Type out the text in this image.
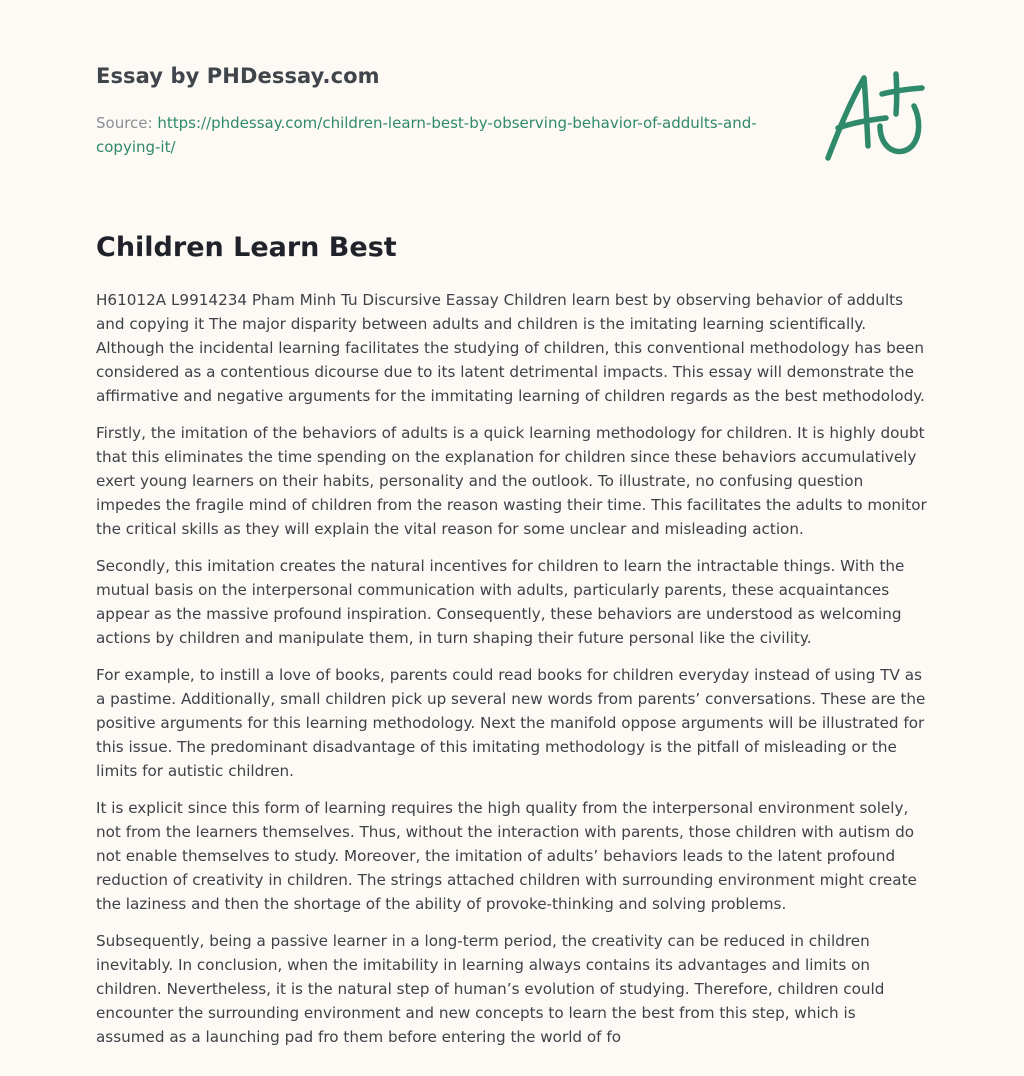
Essay by PHDessay.com
Source: https://phdessay.com/children-learn-best-by-observing-behavior-of-addults-and-copying-it/
Children Learn Best

H61012A L9914234 Pham Minh Tu Discursive Eassay Children learn best by observing behavior of addults and copying it The major disparity between adults and children is the imitating learning scientifically. Although the incidental learning facilitates the studying of children, this conventional methodology has been considered as a contentious dicourse due to its latent detrimental impacts. This essay will demonstrate the affirmative and negative arguments for the immitating learning of children regards as the best methodolody.

Firstly, the imitation of the behaviors of adults is a quick learning methodology for children. It is highly doubt that this eliminates the time spending on the explanation for children since these behaviors accumulatively exert young learners on their habits, personality and the outlook. To illustrate, no confusing question impedes the fragile mind of children from the reason wasting their time. This facilitates the adults to monitor the critical skills as they will explain the vital reason for some unclear and misleading action.

Secondly, this imitation creates the natural incentives for children to learn the intractable things. With the mutual basis on the interpersonal communication with adults, particularly parents, these acquaintances appear as the massive profound inspiration. Consequently, these behaviors are understood as welcoming actions by children and manipulate them, in turn shaping their future personal like the civility.

For example, to instill a love of books, parents could read books for children everyday instead of using TV as a pastime. Additionally, small children pick up several new words from parents’ conversations. These are the positive arguments for this learning methodology. Next the manifold oppose arguments will be illustrated for this issue. The predominant disadvantage of this imitating methodology is the pitfall of misleading or the limits for autistic children.

It is explicit since this form of learning requires the high quality from the interpersonal environment solely, not from the learners themselves. Thus, without the interaction with parents, those children with autism do not enable themselves to study. Moreover, the imitation of adults’ behaviors leads to the latent profound reduction of creativity in children. The strings attached children with surrounding environment might create the laziness and then the shortage of the ability of provoke-thinking and solving problems.

Subsequently, being a passive learner in a long-term period, the creativity can be reduced in children inevitably. In conclusion, when the imitability in learning always contains its advantages and limits on children. Nevertheless, it is the natural step of human’s evolution of studying. Therefore, children could encounter the surrounding environment and new concepts to learn the best from this step, which is assumed as a launching pad fro them before entering the world of fo
